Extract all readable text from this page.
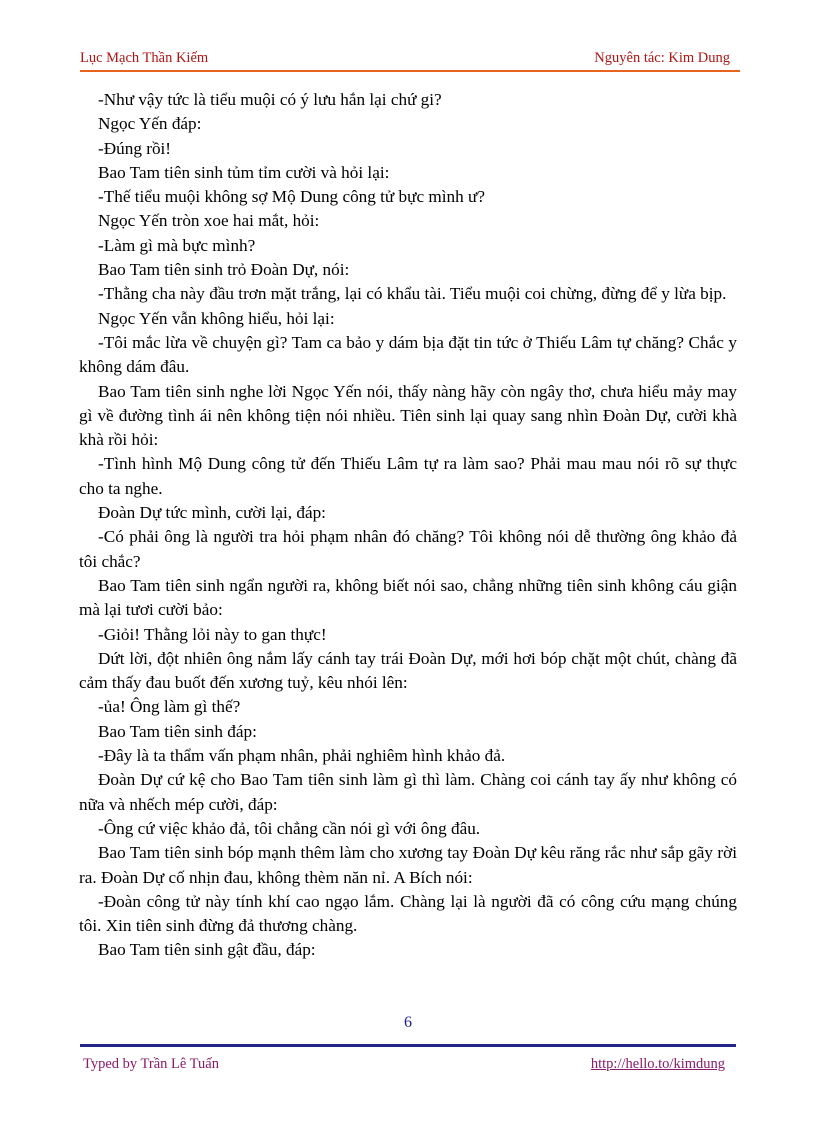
Lục Mạch Thần Kiếm	Nguyên tác: Kim Dung

-Như vậy tức là tiểu muội có ý lưu hắn lại chứ gi?

Ngọc Yến đáp:

-Đúng rồi!

Bao Tam tiên sinh tủm tỉm cười và hỏi lại:

-Thế tiểu muội không sợ Mộ Dung công tử bực mình ư?

Ngọc Yến tròn xoe hai mắt, hỏi:

-Làm gì mà bực mình?

Bao Tam tiên sinh trỏ Đoàn Dự, nói:

-Thằng cha này đầu trơn mặt trắng, lại có khẩu tài. Tiểu muội coi chừng, đừng để y lừa bịp.

Ngọc Yến vẫn không hiểu, hỏi lại:

-Tôi mắc lừa về chuyện gì? Tam ca bảo y dám bịa đặt tin tức ở Thiếu Lâm tự chăng? Chắc y không dám đâu.

Bao Tam tiên sinh nghe lời Ngọc Yến nói, thấy nàng hãy còn ngây thơ, chưa hiểu mảy may gì về đường tình ái nên không tiện nói nhiều. Tiên sinh lại quay sang nhìn Đoàn Dự, cười khà khà rồi hỏi:

-Tình hình Mộ Dung công tử đến Thiếu Lâm tự ra làm sao? Phải mau mau nói rõ sự thực cho ta nghe.

Đoàn Dự tức mình, cười lại, đáp:

-Có phải ông là người tra hỏi phạm nhân đó chăng? Tôi không nói dễ thường ông khảo đả tôi chắc?

Bao Tam tiên sinh ngẩn người ra, không biết nói sao, chẳng những tiên sinh không cáu giận mà lại tươi cười bảo:

-Giỏi! Thằng lỏi này to gan thực!

Dứt lời, đột nhiên ông nắm lấy cánh tay trái Đoàn Dự, mới hơi bóp chặt một chút, chàng đã cảm thấy đau buốt đến xương tuỷ, kêu nhói lên:

-ủa! Ông làm gì thế?

Bao Tam tiên sinh đáp:

-Đây là ta thẩm vấn phạm nhân, phải nghiêm hình khảo đả.

Đoàn Dự cứ kệ cho Bao Tam tiên sinh làm gì thì làm. Chàng coi cánh tay ấy như không có nữa và nhếch mép cười, đáp:

-Ông cứ việc khảo đả, tôi chẳng cần nói gì với ông đâu.

Bao Tam tiên sinh bóp mạnh thêm làm cho xương tay Đoàn Dự kêu răng rắc như sắp gãy rời ra. Đoàn Dự cố nhịn đau, không thèm năn nỉ. A Bích nói:

-Đoàn công tử này tính khí cao ngạo lắm. Chàng lại là người đã có công cứu mạng chúng tôi. Xin tiên sinh đừng đả thương chàng.

Bao Tam tiên sinh gật đầu, đáp:

6
Typed by Trần Lê Tuấn	http://hello.to/kimdung
